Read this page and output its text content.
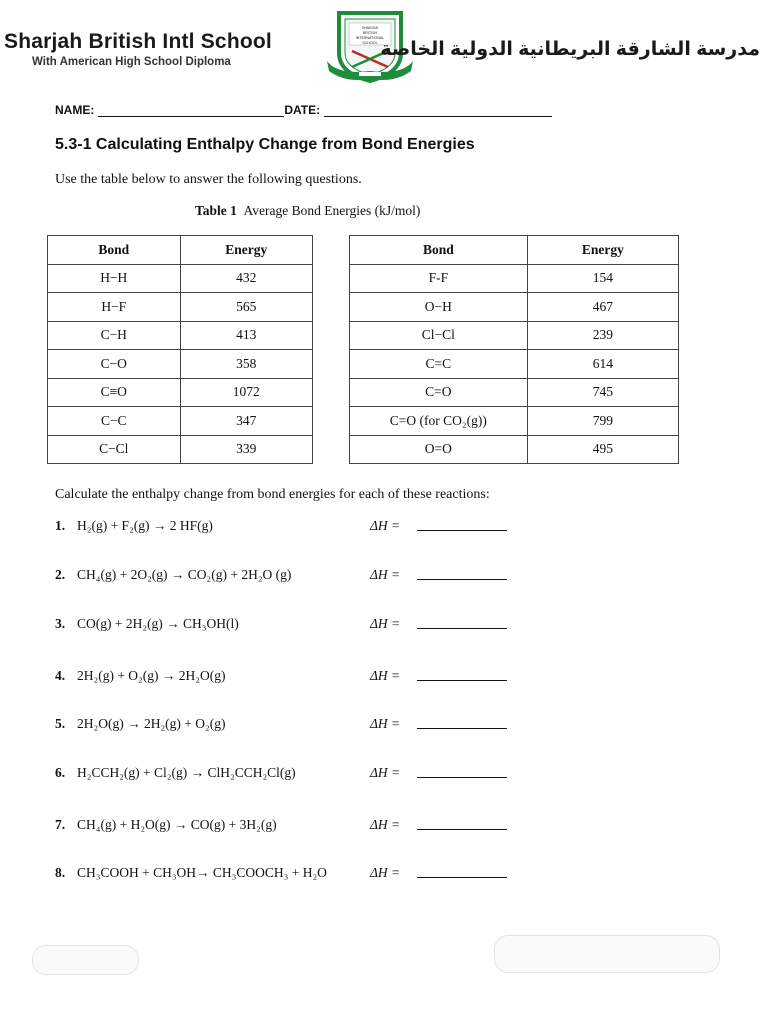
Sharjah British Intl School
With American High School Diploma
SHARJAH
BRITISH
INTERNATIONAL
SCHOOL مدرسة الشارقة البريطانية الدولية الخاصة
NAME:	DATE:
5.3-1 Calculating Enthalpy Change from Bond Energies
Use the table below to answer the following questions.
Table 1 Average Bond Energies (kJ/mol)
Bond	Energy
H−H	432
H−F	565
C−H	413
C−O	358
C≡O	1072
C−C	347
C−Cl	339
Bond	Energy
F-F	154
O−H	467
Cl−Cl	239
C=C	614
C=O	745
C=O (for CO₂(g))	799
O=O	495
Calculate the enthalpy change from bond energies for each of these reactions:
1. H₂(g) + F₂(g) → 2 HF(g)	ΔH =
2. CH₄(g) + 2O₂(g) → CO₂(g) + 2H₂O (g)	ΔH =
3. CO(g) + 2H₂(g) → CH₃OH(l)	ΔH =
4. 2H₂(g) + O₂(g) → 2H₂O(g)	ΔH =
5. 2H₂O(g) → 2H₂(g) + O₂(g)	ΔH =
6. H₂CCH₂(g) + Cl₂(g) → ClH₂CCH₂Cl(g)	ΔH =
7. CH₄(g) + H₂O(g) → CO(g) + 3H₂(g)	ΔH =
8. CH₃COOH + CH₃OH→ CH₃COOCH₃ + H₂O	ΔH =
